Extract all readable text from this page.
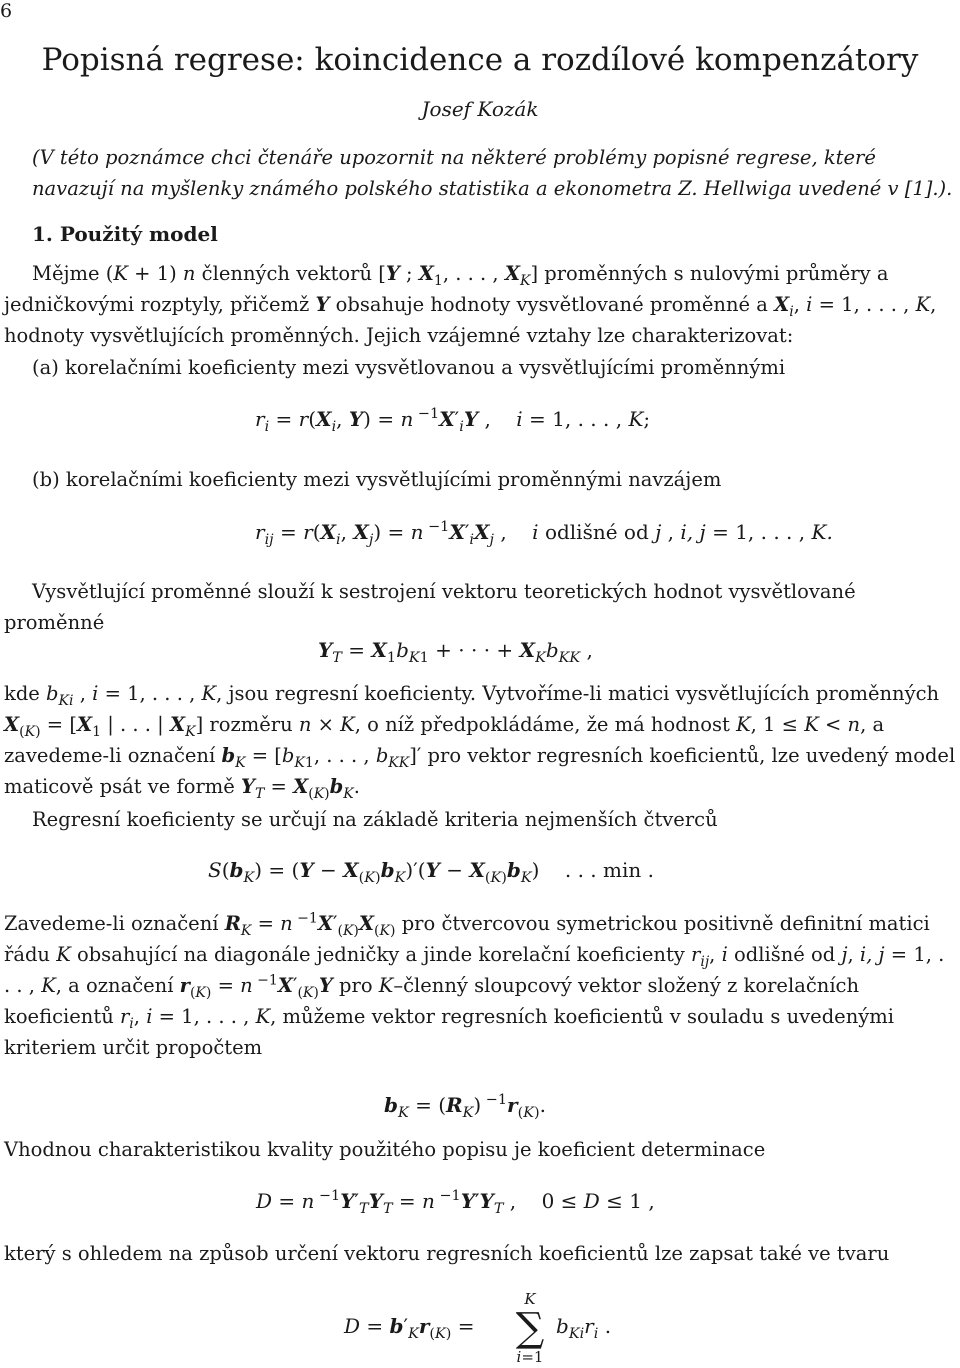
6
Popisná regrese: koincidence a rozdílové kompenzátory
Josef Kozák
(V této poznámce chci čtenáře upozornit na některé problémy popisné regrese, které navazují na myšlenky známého polského statistika a ekonometra Z. Hellwiga uvedené v [1].).
1. Použitý model
Mějme (K + 1) n členných vektorů [Y ; $X_1$, . . . , $X_K$] proměnných s nulovými průměry a jedničkovými rozptyly, přičemž Y obsahuje hodnoty vysvětlované proměnné a $X_i$, i = 1, . . . , K, hodnoty vysvětlujících proměnných. Jejich vzájemné vztahy lze charakterizovat:
(a) korelačními koeficienty mezi vysvětlovanou a vysvětlujícími proměnnými
$r_i = r(X_i$, Y) = n $^{-1}X'_iY$ ,    i = 1, . . . , K;
(b) korelačními koeficienty mezi vysvětlujícími proměnnými navzájem
$r_{ij} = r(X_i$, $X_j) = n$ $^{-1}X'_iX_j$ ,    i odlišné od j , i, j = 1, . . . , K.
Vysvětlující proměnné slouží k sestrojení vektoru teoretických hodnot vysvětlované proměnné
$Y_T = X_1b_{K1}$ + · · · + $X_Kb_{KK}$ ,
kde $b_{Ki}$ , i = 1, . . . , K, jsou regresní koeficienty. Vytvoříme-li matici vysvětlujících proměnných $X_{(K)} = [X_1$ | . . . | $X_K$] rozměru n × K, o níž předpokládáme, že má hodnost K, 1 ≤ K < n, a zavedeme-li označení $b_K = [b_{K1}$, . . . , $b_{KK}]'$ pro vektor regresních koeficientů, lze uvedený model maticově psát ve formě $Y_T = X_{(K)}b_K$.
Regresní koeficienty se určují na základě kriteria nejmenších čtverců
$S(b_K) = (Y - X_{(K)}b_K)'(Y - X_{(K)}b_K)$    . . . min .
Zavedeme-li označení $R_K = n$ $^{-1}X'_{(K)}X_{(K)}$ pro čtvercovou symetrickou positivně definitní matici řádu K obsahující na diagonále jedničky a jinde korelační koeficienty $r_{ij}$, i odlišné od j, i, j = 1, . . . , K, a označení $r_{(K)} = n$ $^{-1}X'_{(K)}Y$ pro K–členný sloupcový vektor složený z korelačních koeficientů $r_i$, i = 1, . . . , K, můžeme vektor regresních koeficientů v souladu s uvedenými kriteriem určit propočtem
$b_K = (R_K)$ $^{-1}r_{(K)}$.
Vhodnou charakteristikou kvality použitého popisu je koeficient determinace
D = n $^{-1}Y'_TY_T = n$ $^{-1}Y'Y_T$ ,    0 ≤ D ≤ 1 ,
který s ohledem na způsob určení vektoru regresních koeficientů lze zapsat také ve tvaru
$D = b'_Kr_{(K)}$ =
K
∑
i=1
$b_{Ki}r_i$ .
